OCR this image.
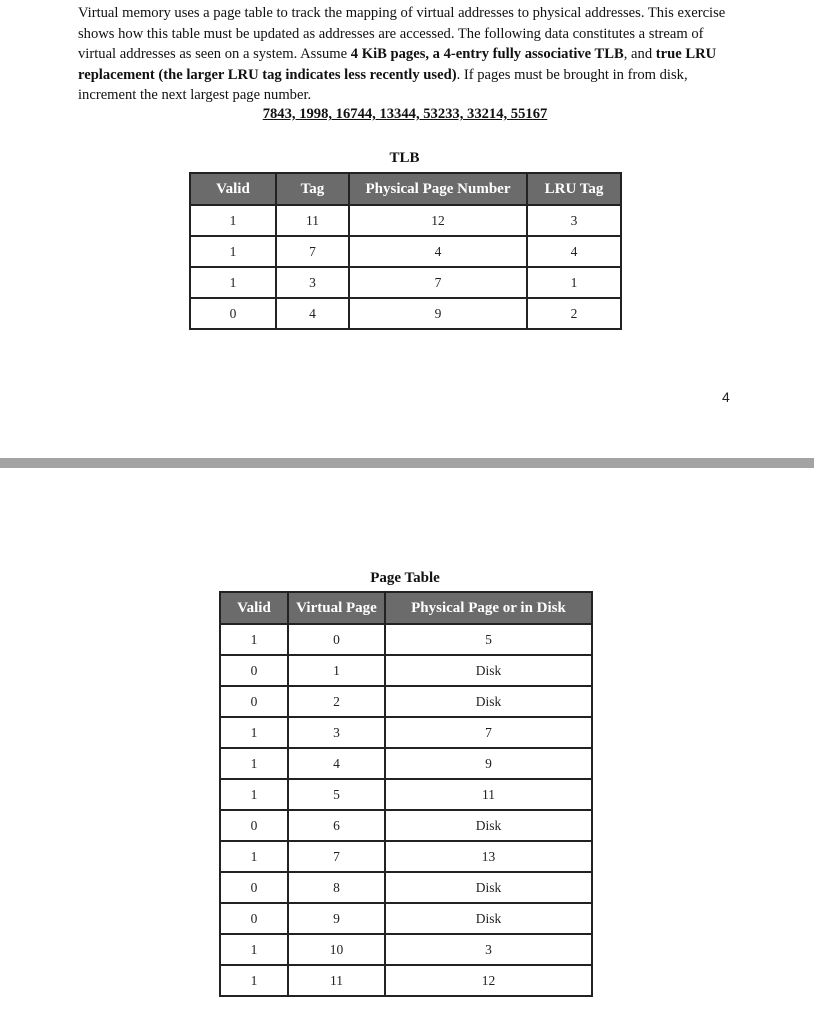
Virtual memory uses a page table to track the mapping of virtual addresses to physical addresses. This exercise shows how this table must be updated as addresses are accessed. The following data constitutes a stream of virtual addresses as seen on a system. Assume 4 KiB pages, a 4-entry fully associative TLB, and true LRU replacement (the larger LRU tag indicates less recently used). If pages must be brought in from disk, increment the next largest page number.

7843, 1998, 16744, 13344, 53233, 33214, 55167
TLB
Valid	Tag	Physical Page Number	LRU Tag
1	11	12	3
1	7	4	4
1	3	7	1
0	4	9	2
4
Page Table
Valid	Virtual Page	Physical Page or in Disk
1	0	5
0	1	Disk
0	2	Disk
1	3	7
1	4	9
1	5	11
0	6	Disk
1	7	13
0	8	Disk
0	9	Disk
1	10	3
1	11	12
